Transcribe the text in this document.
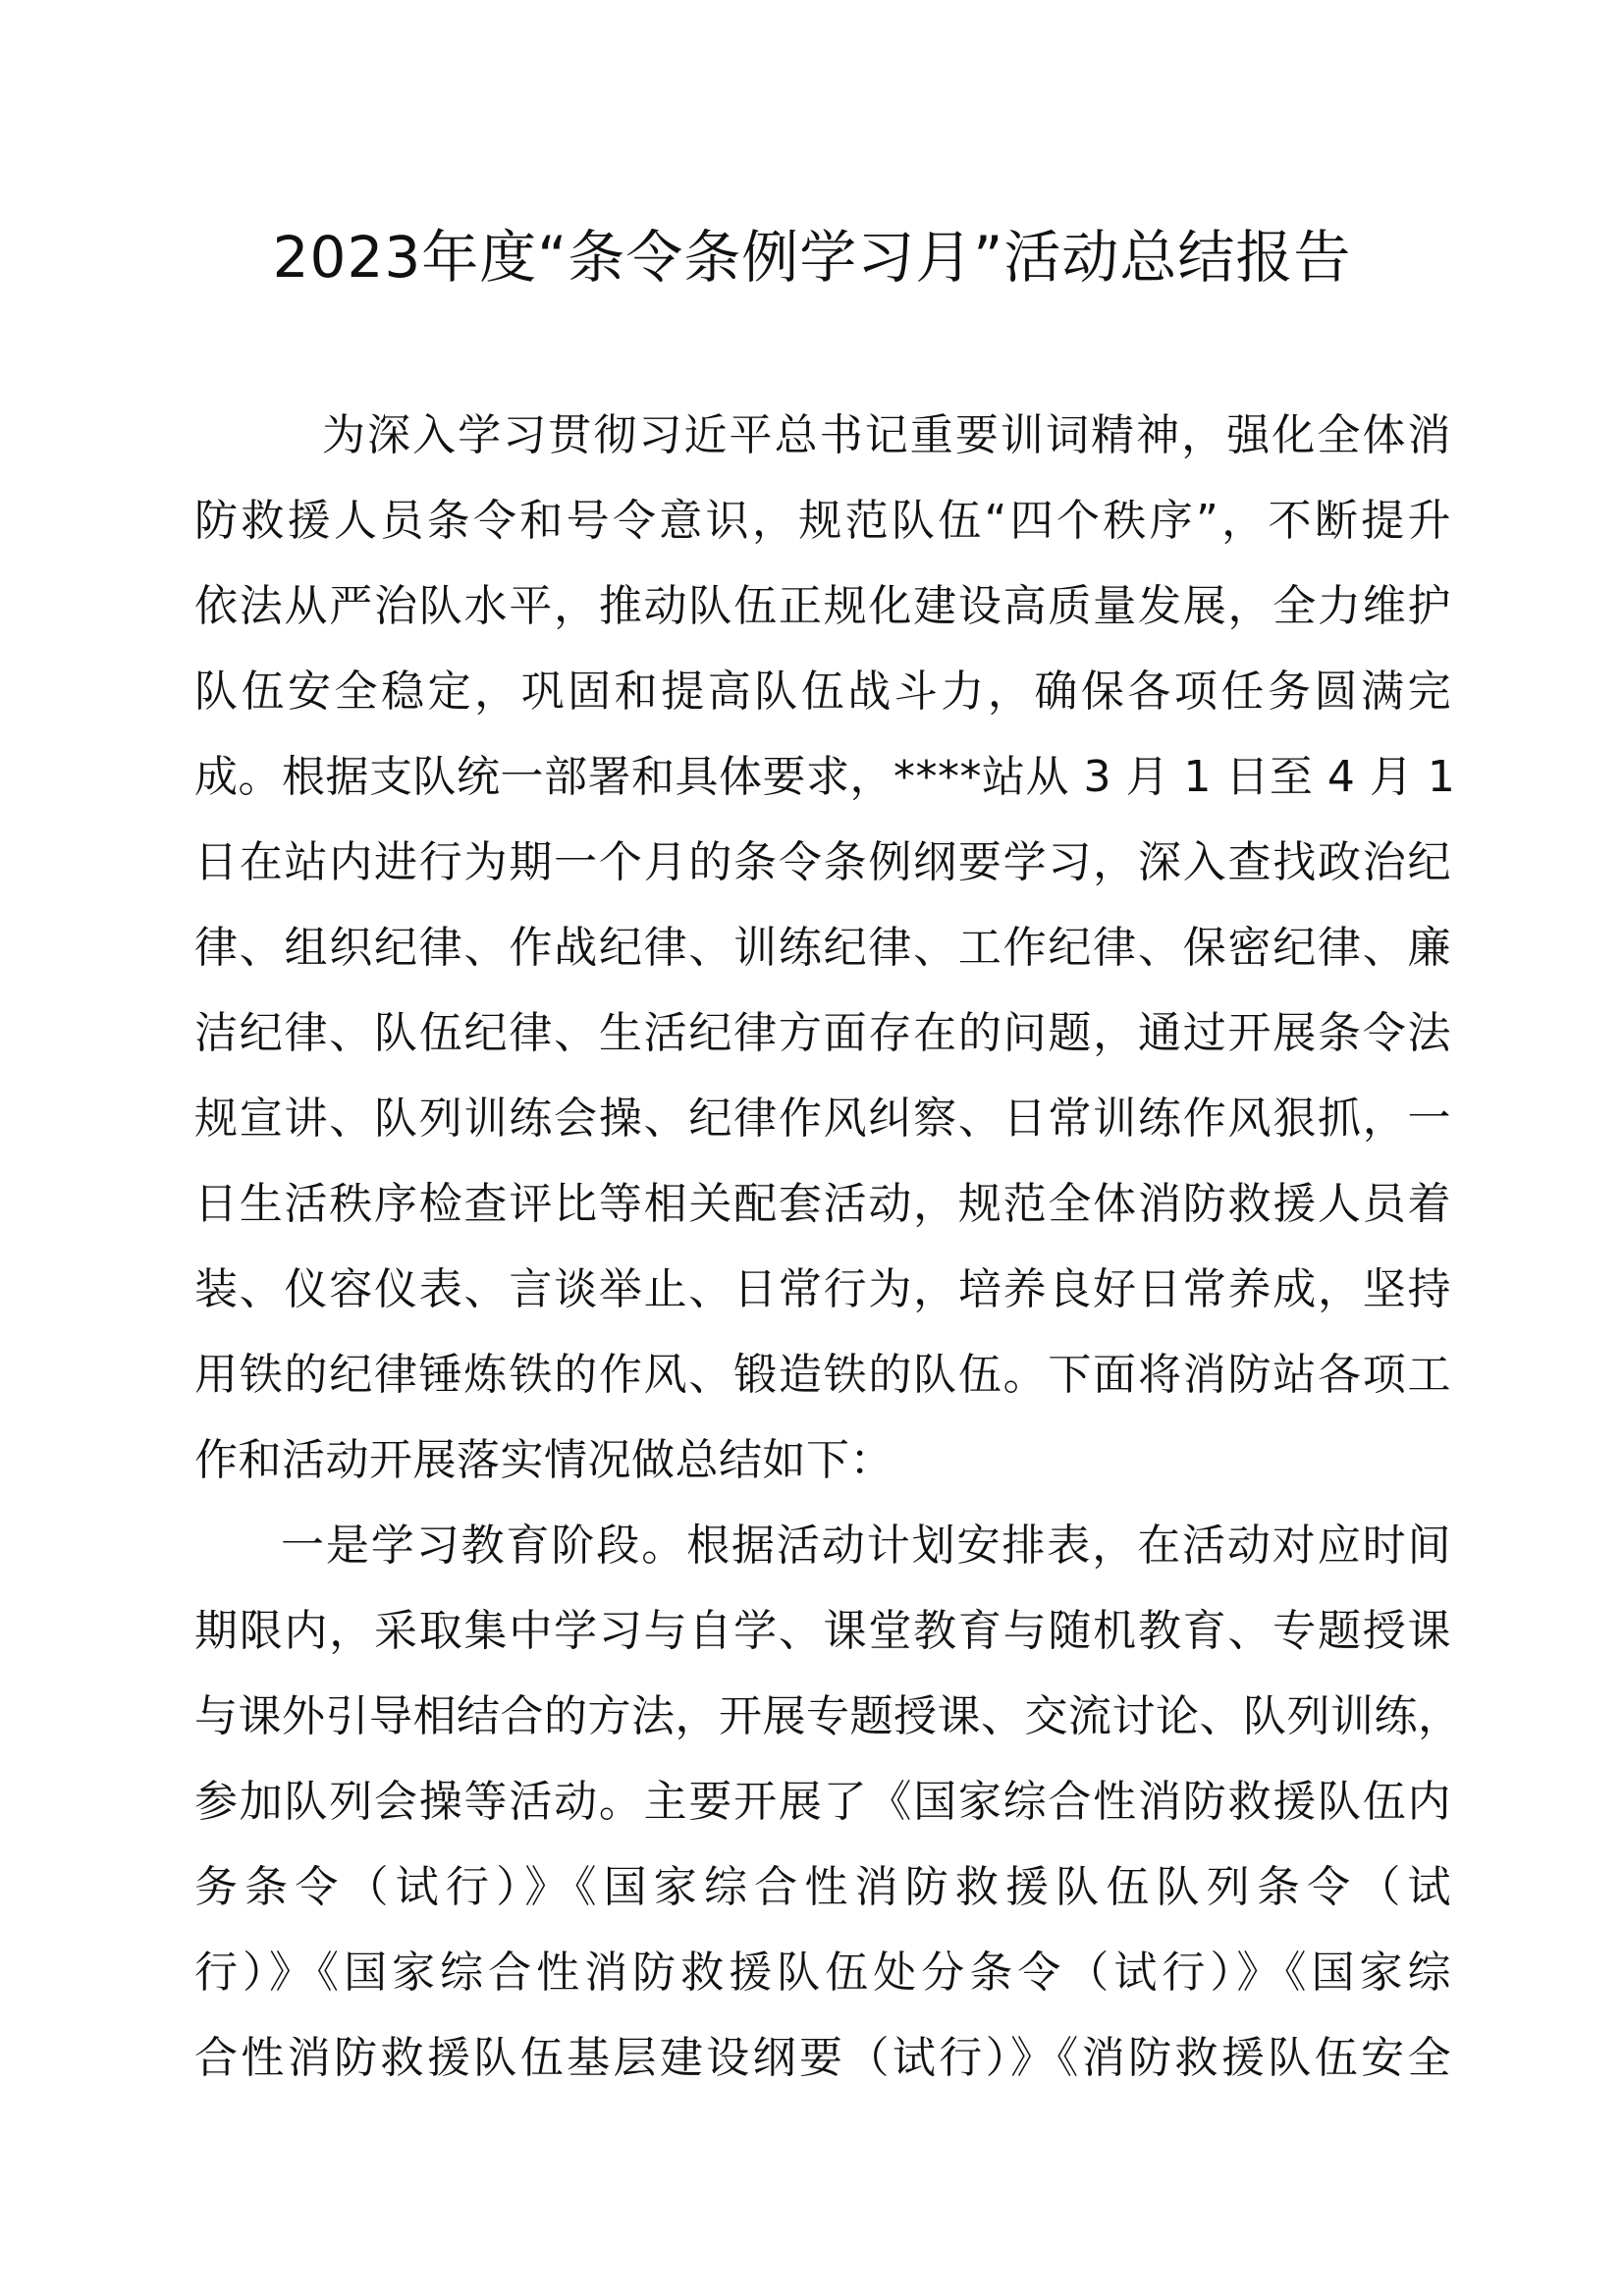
2023年度“条令条例学习月”活动总结报告
为深入学习贯彻习近平总书记重要训词精神，强化全体消
防救援人员条令和号令意识，规范队伍“四个秩序”，不断提升
依法从严治队水平，推动队伍正规化建设高质量发展，全力维护
队伍安全稳定，巩固和提高队伍战斗力，确保各项任务圆满完
成。根据支队统一部署和具体要求，****站从 3 月 1 日至 4 月 1
日在站内进行为期一个月的条令条例纲要学习，深入查找政治纪
律、组织纪律、作战纪律、训练纪律、工作纪律、保密纪律、廉
洁纪律、队伍纪律、生活纪律方面存在的问题，通过开展条令法
规宣讲、队列训练会操、纪律作风纠察、日常训练作风狠抓，一
日生活秩序检查评比等相关配套活动，规范全体消防救援人员着
装、仪容仪表、言谈举止、日常行为，培养良好日常养成，坚持
用铁的纪律锤炼铁的作风、锻造铁的队伍。下面将消防站各项工
作和活动开展落实情况做总结如下：
一是学习教育阶段。根据活动计划安排表，在活动对应时间
期限内，采取集中学习与自学、课堂教育与随机教育、专题授课
与课外引导相结合的方法，开展专题授课、交流讨论、队列训练，
参加队列会操等活动。主要开展了《国家综合性消防救援队伍内
务条令（试行）》《国家综合性消防救援队伍队列条令（试
行）》《国家综合性消防救援队伍处分条令（试行）》《国家综
合性消防救援队伍基层建设纲要（试行）》《消防救援队伍安全
